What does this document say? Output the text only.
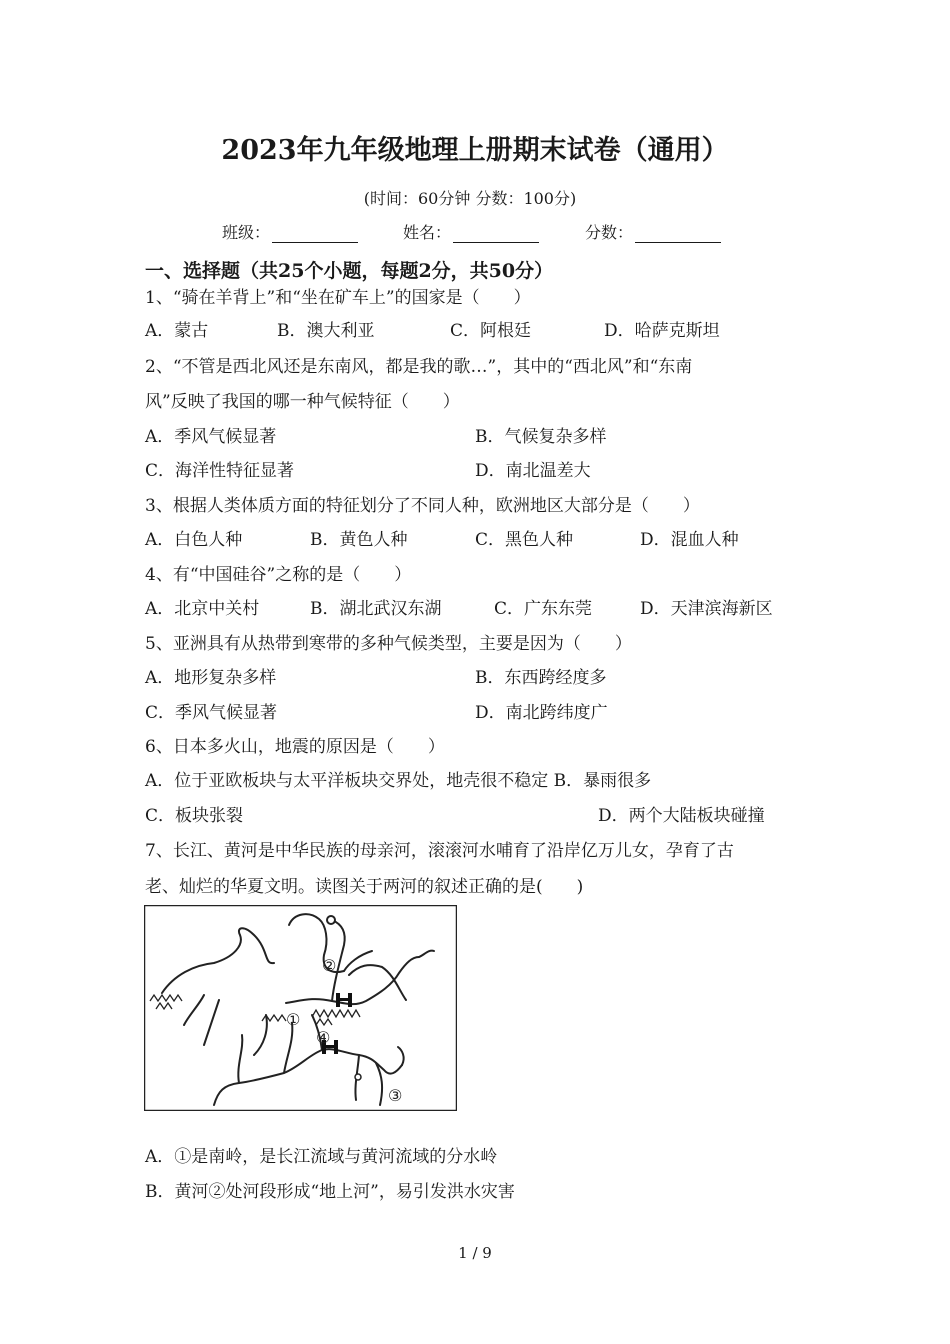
2023年九年级地理上册期末试卷（通用）
(时间：60分钟 分数：100分)
班级：	姓名：	分数：
一、选择题（共25个小题，每题2分，共50分）
1、“骑在羊背上”和“坐在矿车上”的国家是（　　）
A．蒙古	B．澳大利亚	C．阿根廷	D．哈萨克斯坦
2、“不管是西北风还是东南风，都是我的歌…”，其中的“西北风”和“东南
风”反映了我国的哪一种气候特征（　　）
A．季风气候显著	B．气候复杂多样
C．海洋性特征显著	D．南北温差大
3、根据人类体质方面的特征划分了不同人种，欧洲地区大部分是（　　）
A．白色人种	B．黄色人种	C．黑色人种	D．混血人种
4、有“中国硅谷”之称的是（　　）
A．北京中关村	B．湖北武汉东湖	C．广东东莞	D．天津滨海新区
5、亚洲具有从热带到寒带的多种气候类型，主要是因为（　　）
A．地形复杂多样	B．东西跨经度多
C．季风气候显著	D．南北跨纬度广
6、日本多火山，地震的原因是（　　）
A．位于亚欧板块与太平洋板块交界处，地壳很不稳定 B．暴雨很多
C．板块张裂	D．两个大陆板块碰撞
7、长江、黄河是中华民族的母亲河，滚滚河水哺育了沿岸亿万儿女，孕育了古
老、灿烂的华夏文明。读图关于两河的叙述正确的是(　　)
②
①
④
③
A．①是南岭，是长江流域与黄河流域的分水岭
B．黄河②处河段形成“地上河”，易引发洪水灾害
1 / 9
